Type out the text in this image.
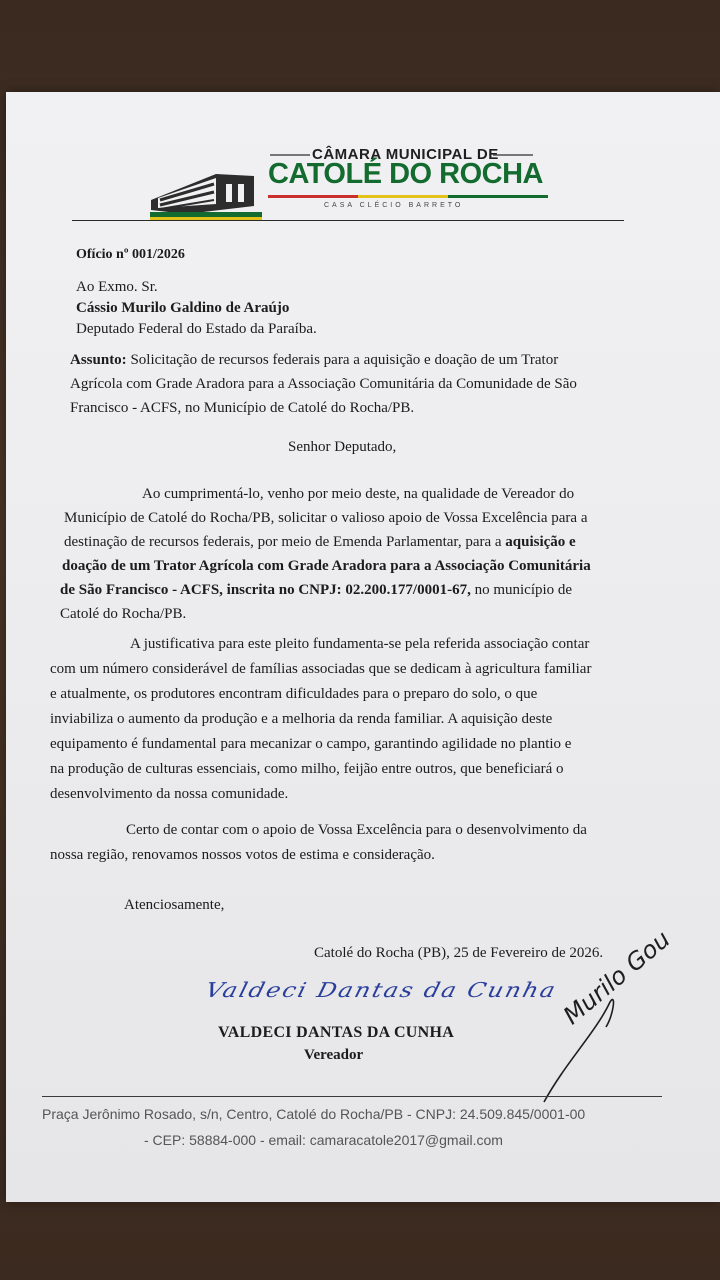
CÂMARA MUNICIPAL DE
CATOLÉ DO ROCHA
CASA CLÉCIO BARRETO
Ofício nº 001/2026
Ao Exmo. Sr.
Cássio Murilo Galdino de Araújo
Deputado Federal do Estado da Paraíba.
Assunto: Solicitação de recursos federais para a aquisição e doação de um Trator
Agrícola com Grade Aradora para a Associação Comunitária da Comunidade de São
Francisco - ACFS, no Município de Catolé do Rocha/PB.
Senhor Deputado,
Ao cumprimentá-lo, venho por meio deste, na qualidade de Vereador do
Município de Catolé do Rocha/PB, solicitar o valioso apoio de Vossa Excelência para a
destinação de recursos federais, por meio de Emenda Parlamentar, para a aquisição e
doação de um Trator Agrícola com Grade Aradora para a Associação Comunitária
de São Francisco - ACFS, inscrita no CNPJ: 02.200.177/0001-67, no município de
Catolé do Rocha/PB.
A justificativa para este pleito fundamenta-se pela referida associação contar
com um número considerável de famílias associadas que se dedicam à agricultura familiar
e atualmente, os produtores encontram dificuldades para o preparo do solo, o que
inviabiliza o aumento da produção e a melhoria da renda familiar. A aquisição deste
equipamento é fundamental para mecanizar o campo, garantindo agilidade no plantio e
na produção de culturas essenciais, como milho, feijão entre outros, que beneficiará o
desenvolvimento da nossa comunidade.
Certo de contar com o apoio de Vossa Excelência para o desenvolvimento da
nossa região, renovamos nossos votos de estima e consideração.
Atenciosamente,
Catolé do Rocha (PB), 25 de Fevereiro de 2026.
Valdeci Dantas da Cunha
VALDECI DANTAS DA CUNHA
Vereador
Murilo Gou
Praça Jerônimo Rosado, s/n, Centro, Catolé do Rocha/PB - CNPJ: 24.509.845/0001-00
- CEP: 58884-000 - email: camaracatole2017@gmail.com
